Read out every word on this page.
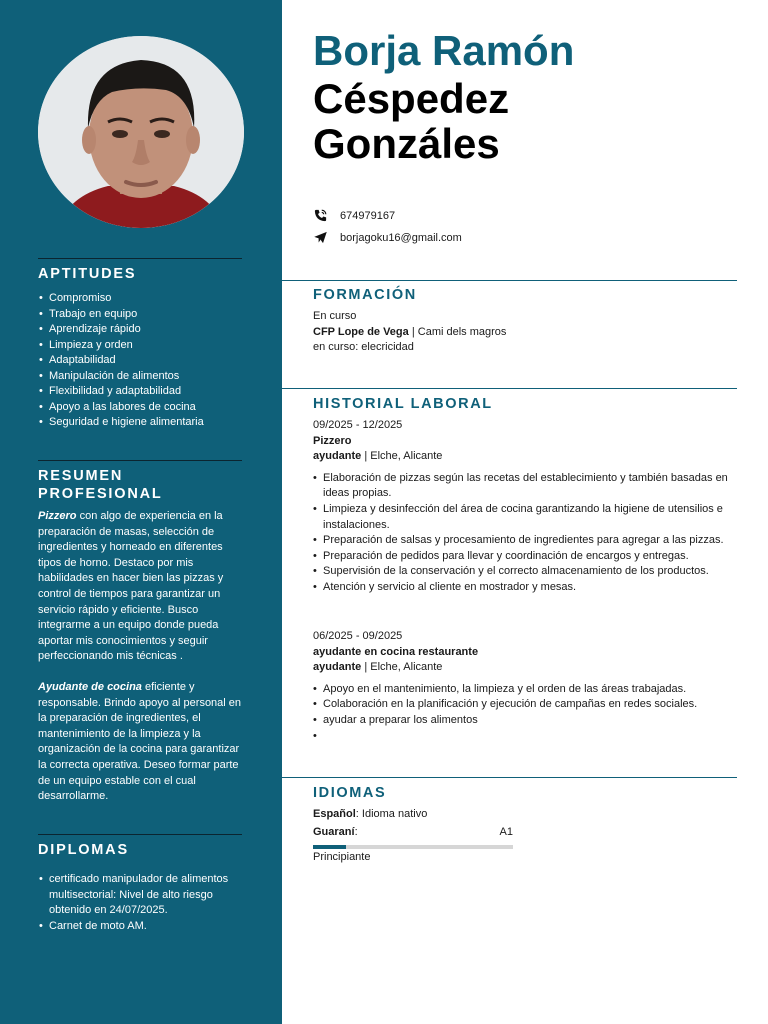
APTITUDES
• Compromiso
• Trabajo en equipo
• Aprendizaje rápido
• Limpieza y orden
• Adaptabilidad
• Manipulación de alimentos
• Flexibilidad y adaptabilidad
• Apoyo a las labores de cocina
• Seguridad e higiene alimentaria
RESUMEN
PROFESIONAL

Pizzero con algo de experiencia en la preparación de masas, selección de ingredientes y horneado en diferentes tipos de horno. Destaco por mis habilidades en hacer bien las pizzas y control de tiempos para garantizar un servicio rápido y eficiente. Busco integrarme a un equipo donde pueda aportar mis conocimientos y seguir perfeccionando mis técnicas .

Ayudante de cocina eficiente y responsable. Brindo apoyo al personal en la preparación de ingredientes, el mantenimiento de la limpieza y la organización de la cocina para garantizar la correcta operativa. Deseo formar parte de un equipo estable con el cual desarrollarme.

DIPLOMAS
• certificado manipulador de alimentos multisectorial: Nivel de alto riesgo obtenido en 24/07/2025.
• Carnet de moto AM.
Borja Ramón
Céspedez
Gonzáles
674979167
borjagoku16@gmail.com
FORMACIÓN
En curso
CFP Lope de Vega | Cami dels magros
en curso: elecricidad
HISTORIAL LABORAL
09/2025 - 12/2025
Pizzero
ayudante | Elche, Alicante
• Elaboración de pizzas según las recetas del establecimiento y también basadas en ideas propias.
• Limpieza y desinfección del área de cocina garantizando la higiene de utensilios e instalaciones.
• Preparación de salsas y procesamiento de ingredientes para agregar a las pizzas.
• Preparación de pedidos para llevar y coordinación de encargos y entregas.
• Supervisión de la conservación y el correcto almacenamiento de los productos.
• Atención y servicio al cliente en mostrador y mesas.
06/2025 - 09/2025
ayudante en cocina restaurante
ayudante | Elche, Alicante
• Apoyo en el mantenimiento, la limpieza y el orden de las áreas trabajadas.
• Colaboración en la planificación y ejecución de campañas en redes sociales.
• ayudar a preparar los alimentos
•
IDIOMAS
Español: Idioma nativo
Guaraní:	A1
Principiante
